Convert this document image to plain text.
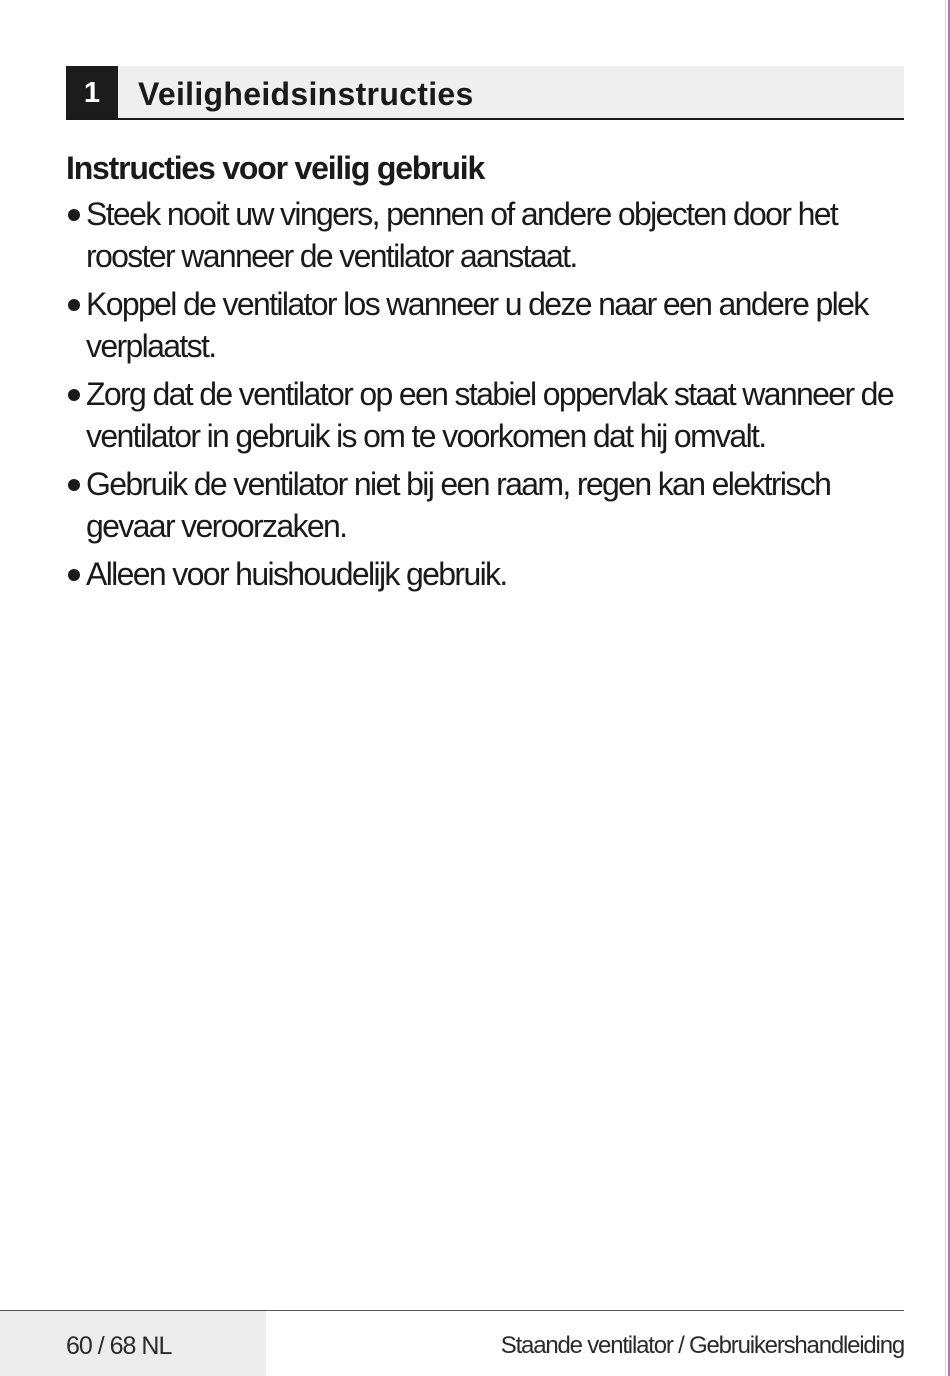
1	Veiligheidsinstructies
Instructies voor veilig gebruik
Steek nooit uw vingers, pennen of andere objecten door het rooster wanneer de ventilator aanstaat.
Koppel de ventilator los wanneer u deze naar een andere plek verplaatst.
Zorg dat de ventilator op een stabiel oppervlak staat wanneer de ventilator in gebruik is om te voorkomen dat hij omvalt.
Gebruik de ventilator niet bij een raam, regen kan elektrisch gevaar veroorzaken.
Alleen voor huishoudelijk gebruik.
60 / 68 NL	Staande ventilator / Gebruikershandleiding
